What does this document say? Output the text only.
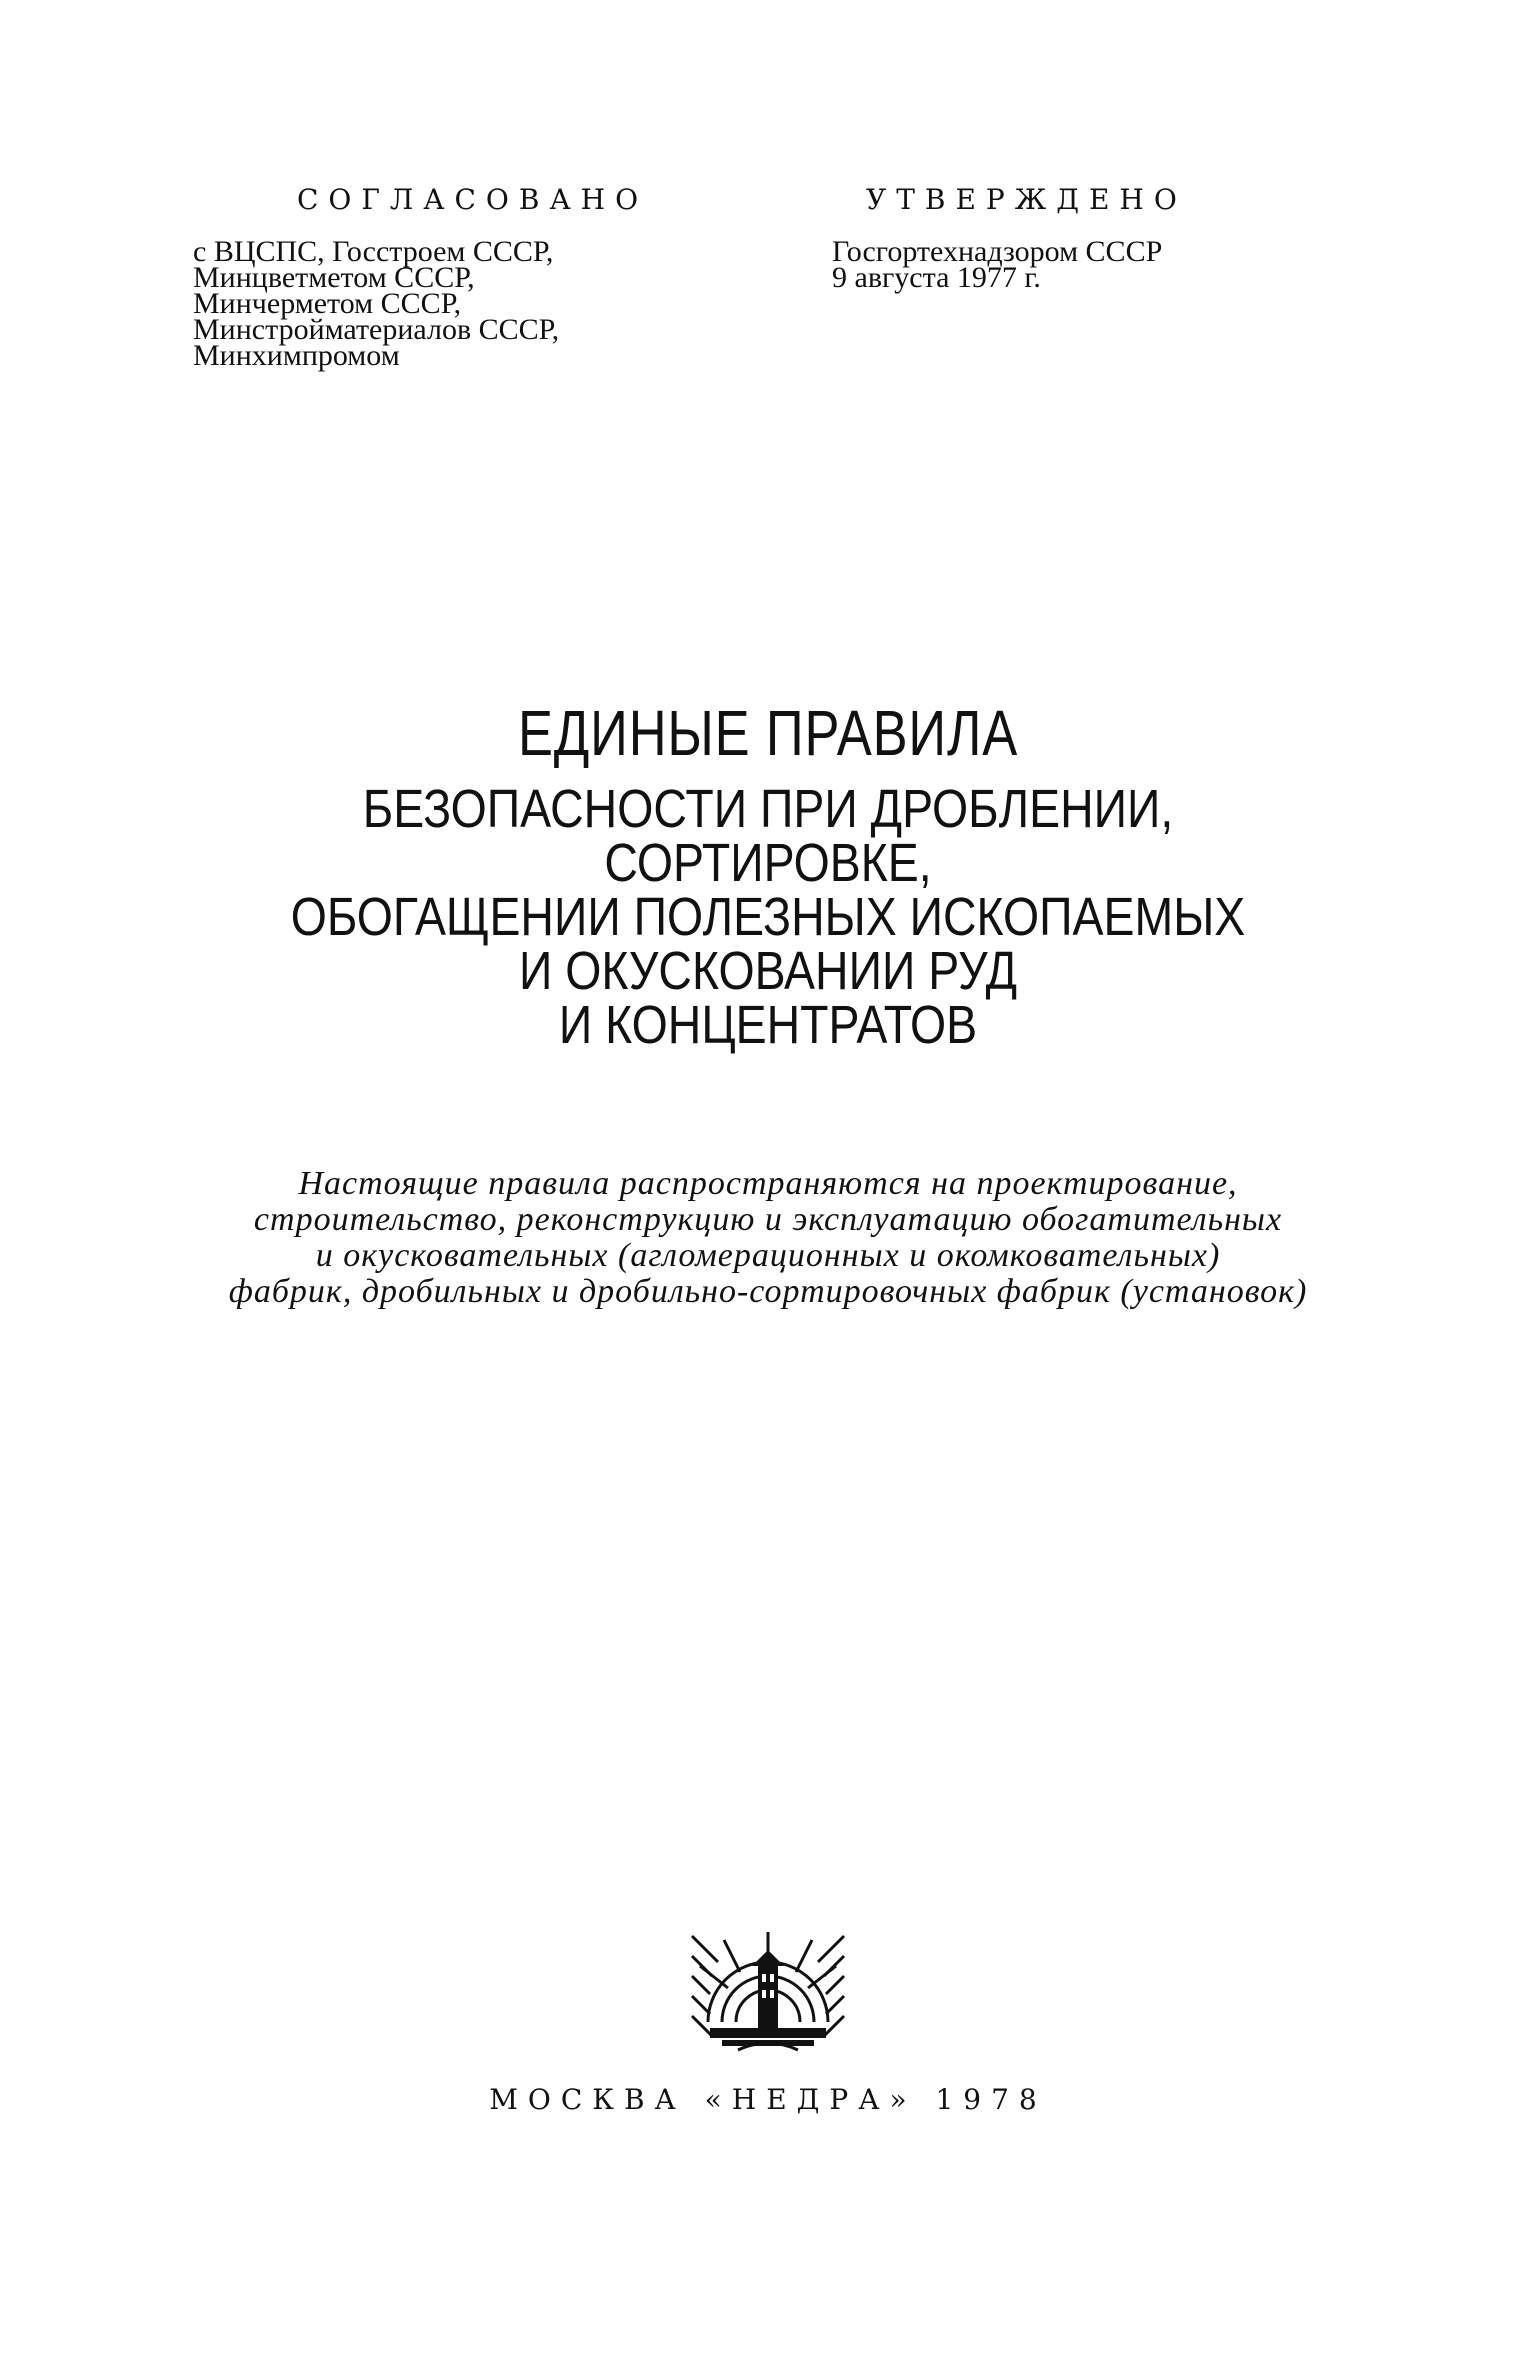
СОГЛАСОВАНО
с ВЦСПС, Госстроем СССР,
Минцветметом СССР,
Минчерметом СССР,
Минстройматериалов СССР,
Минхимпромом
УТВЕРЖДЕНО
Госгортехнадзором СССР
9 августа 1977 г.
ЕДИНЫЕ ПРАВИЛА
БЕЗОПАСНОСТИ ПРИ ДРОБЛЕНИИ,
СОРТИРОВКЕ,
ОБОГАЩЕНИИ ПОЛЕЗНЫХ ИСКОПАЕМЫХ
И ОКУСКОВАНИИ РУД
И КОНЦЕНТРАТОВ
Настоящие правила распространяются на проектирование,
строительство, реконструкцию и эксплуатацию обогатительных
и окусковательных (агломерационных и окомковательных)
фабрик, дробильных и дробильно-сортировочных фабрик (установок)
МОСКВА «НЕДРА» 1978
